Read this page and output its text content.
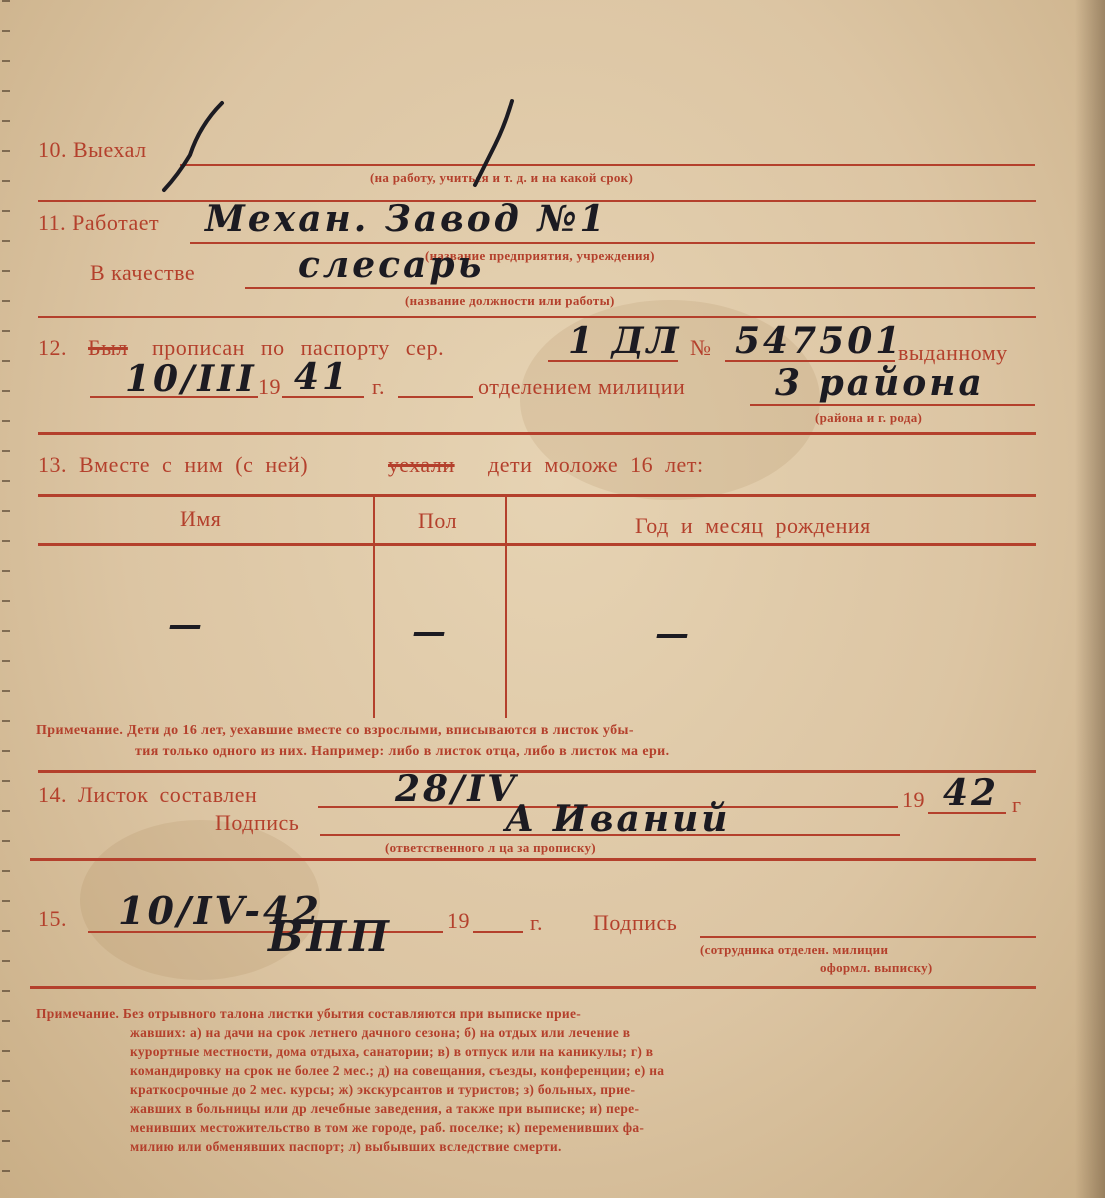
10. Выехал
(на работу, учиться и т. д. и на какой срок)
11. Работает Механ. Завод №1
(название предприятия, учреждения)
В качестве	слесарь
(название должности или работы)
12. Был прописан по паспорту сер.	1 ДЛ № 547501
выданному
10/III 19 41 г.	отделением милиции 3 района
(района и г. рода)
13. Вместе с ним (с ней)	уехали дети моложе 16 лет:
Имя	Пол	Год и месяц рождения
—	—	—
Примечание. Дети до 16 лет, уехавшие вместе со взрослыми, вписываются в листок убы-
тия только одного из них. Например: либо в листок отца, либо в листок ма ери.
14. Листок составлен	28/IV	19 42 г
Подпись	А Иваний
(ответственного л ца за прописку)
15. 10/IV-42
ВПП	19	г. Подпись
(сотрудника отделен. милиции
оформл. выписку)
Примечание. Без отрывного талона листки убытия составляются при выписке прие-
жавших: а) на дачи на срок летнего дачного сезона; б) на отдых или лечение в
курортные местности, дома отдыха, санатории; в) в отпуск или на каникулы; г) в
командировку на срок не более 2 мес.; д) на совещания, съезды, конференции; е) на
краткосрочные до 2 мес. курсы; ж) экскурсантов и туристов; з) больных, прие-
жавших в больницы или др лечебные заведения, а также при выписке; и) пере-
менивших местожительство в том же городе, раб. поселке; к) переменивших фа-
милию или обменявших паспорт; л) выбывших вследствие смерти.
